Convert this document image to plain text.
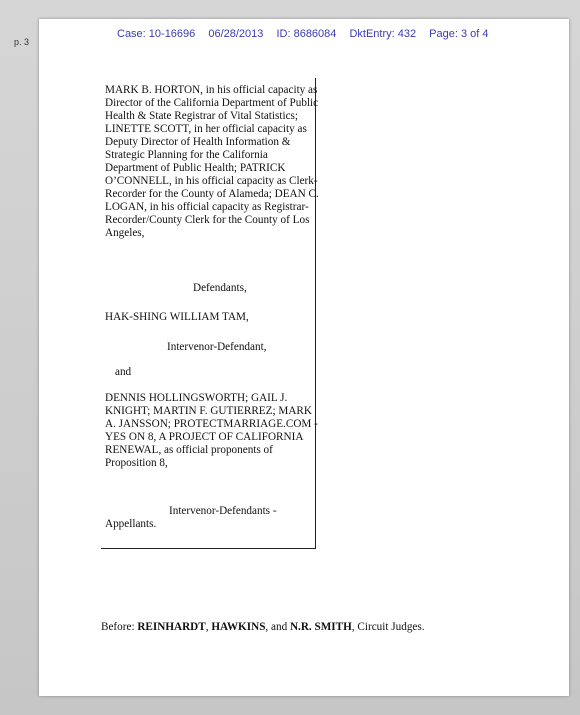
p. 3
Case: 10-16696 06/28/2013 ID: 8686084 DktEntry: 432 Page: 3 of 4
MARK B. HORTON, in his official capacity as Director of the California Department of Public Health & State Registrar of Vital Statistics; LINETTE SCOTT, in her official capacity as Deputy Director of Health Information & Strategic Planning for the California Department of Public Health; PATRICK O’CONNELL, in his official capacity as Clerk-Recorder for the County of Alameda; DEAN C. LOGAN, in his official capacity as Registrar-Recorder/County Clerk for the County of Los Angeles,
Defendants,
HAK-SHING WILLIAM TAM,
Intervenor-Defendant,
and
DENNIS HOLLINGSWORTH; GAIL J. KNIGHT; MARTIN F. GUTIERREZ; MARK A. JANSSON; PROTECTMARRIAGE.COM - YES ON 8, A PROJECT OF CALIFORNIA RENEWAL, as official proponents of Proposition 8,
Intervenor-Defendants -
Appellants.
Before: REINHARDT, HAWKINS, and N.R. SMITH, Circuit Judges.
